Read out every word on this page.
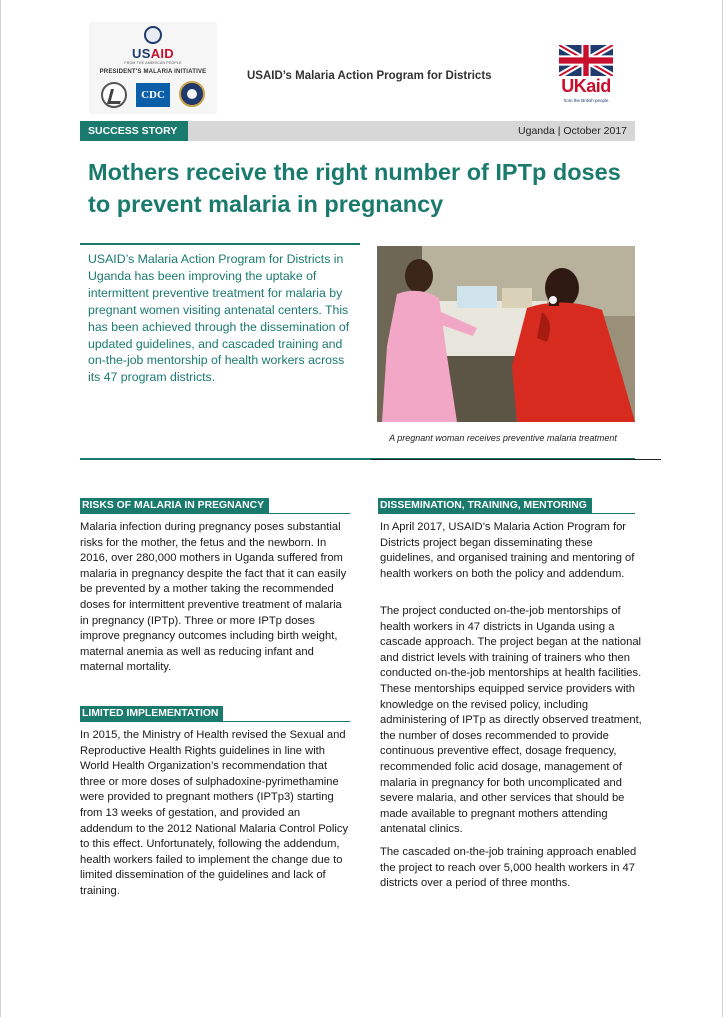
USAID
FROM THE AMERICAN PEOPLE
PRESIDENT'S MALARIA INITIATIVE
CDC
USAID’s Malaria Action Program for Districts	UKaid
from the British people
SUCCESS STORY	Uganda | October 2017
Mothers receive the right number of IPTp doses to prevent malaria in pregnancy
USAID’s Malaria Action Program for Districts in Uganda has been improving the uptake of intermittent preventive treatment for malaria by pregnant women visiting antenatal centers. This has been achieved through the dissemination of updated guidelines, and cascaded training and on-the-job mentorship of health workers across its 47 program districts.
A pregnant woman receives preventive malaria treatment
RISKS OF MALARIA IN PREGNANCY
Malaria infection during pregnancy poses substantial risks for the mother, the fetus and the newborn. In 2016, over 280,000 mothers in Uganda suffered from malaria in pregnancy despite the fact that it can easily be prevented by a mother taking the recommended doses for intermittent preventive treatment of malaria in pregnancy (IPTp). Three or more IPTp doses improve pregnancy outcomes including birth weight, maternal anemia as well as reducing infant and maternal mortality.
LIMITED IMPLEMENTATION
In 2015, the Ministry of Health revised the Sexual and Reproductive Health Rights guidelines in line with World Health Organization’s recommendation that three or more doses of sulphadoxine-pyrimethamine were provided to pregnant mothers (IPTp3) starting from 13 weeks of gestation, and provided an addendum to the 2012 National Malaria Control Policy to this effect. Unfortunately, following the addendum, health workers failed to implement the change due to limited dissemination of the guidelines and lack of training.
DISSEMINATION, TRAINING, MENTORING
In April 2017, USAID’s Malaria Action Program for Districts project began disseminating these guidelines, and organised training and mentoring of health workers on both the policy and addendum.
The project conducted on-the-job mentorships of health workers in 47 districts in Uganda using a cascade approach. The project began at the national and district levels with training of trainers who then conducted on-the-job mentorships at health facilities. These mentorships equipped service providers with knowledge on the revised policy, including administering of IPTp as directly observed treatment, the number of doses recommended to provide continuous preventive effect, dosage frequency, recommended folic acid dosage, management of malaria in pregnancy for both uncomplicated and severe malaria, and other services that should be made available to pregnant mothers attending antenatal clinics.
The cascaded on-the-job training approach enabled the project to reach over 5,000 health workers in 47 districts over a period of three months.
